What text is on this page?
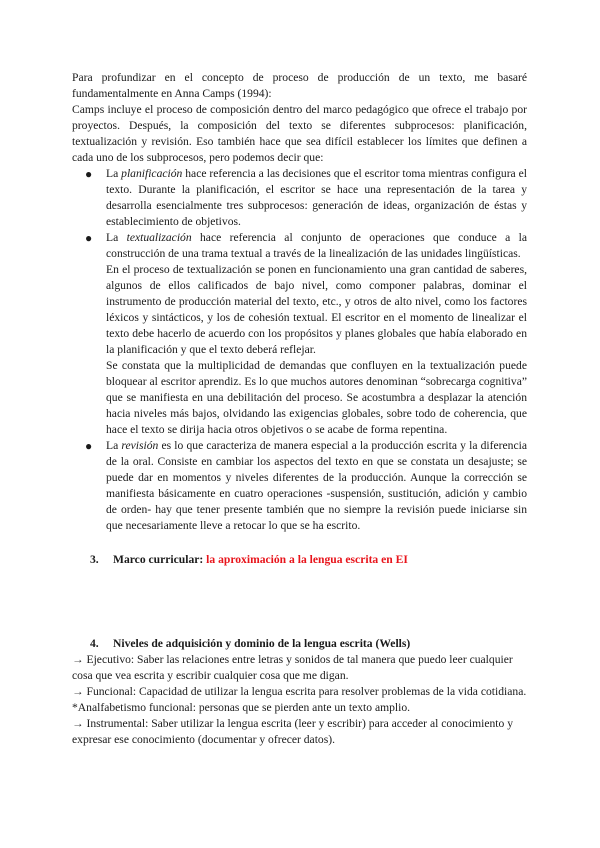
Para profundizar en el concepto de proceso de producción de un texto, me basaré fundamentalmente en Anna Camps (1994):

Camps incluye el proceso de composición dentro del marco pedagógico que ofrece el trabajo por proyectos. Después, la composición del texto se diferentes subprocesos: planificación, textualización y revisión. Eso también hace que sea difícil establecer los límites que definen a cada uno de los subprocesos, pero podemos decir que:

● La planificación hace referencia a las decisiones que el escritor toma mientras configura el texto. Durante la planificación, el escritor se hace una representación de la tarea y desarrolla esencialmente tres subprocesos: generación de ideas, organización de éstas y establecimiento de objetivos.

● La textualización hace referencia al conjunto de operaciones que conduce a la construcción de una trama textual a través de la linealización de las unidades lingüísticas.

En el proceso de textualización se ponen en funcionamiento una gran cantidad de saberes, algunos de ellos calificados de bajo nivel, como componer palabras, dominar el instrumento de producción material del texto, etc., y otros de alto nivel, como los factores léxicos y sintácticos, y los de cohesión textual. El escritor en el momento de linealizar el texto debe hacerlo de acuerdo con los propósitos y planes globales que había elaborado en la planificación y que el texto deberá reflejar.

Se constata que la multiplicidad de demandas que confluyen en la textualización puede bloquear al escritor aprendiz. Es lo que muchos autores denominan “sobrecarga cognitiva” que se manifiesta en una debilitación del proceso. Se acostumbra a desplazar la atención hacia niveles más bajos, olvidando las exigencias globales, sobre todo de coherencia, que hace el texto se dirija hacia otros objetivos o se acabe de forma repentina.

● La revisión es lo que caracteriza de manera especial a la producción escrita y la diferencia de la oral. Consiste en cambiar los aspectos del texto en que se constata un desajuste; se puede dar en momentos y niveles diferentes de la producción. Aunque la corrección se manifiesta básicamente en cuatro operaciones -suspensión, sustitución, adición y cambio de orden- hay que tener presente también que no siempre la revisión puede iniciarse sin que necesariamente lleve a retocar lo que se ha escrito.

3. Marco curricular: la aproximación a la lengua escrita en EI
4. Niveles de adquisición y dominio de la lengua escrita (Wells)

→ Ejecutivo: Saber las relaciones entre letras y sonidos de tal manera que puedo leer cualquier cosa que vea escrita y escribir cualquier cosa que me digan.

→ Funcional: Capacidad de utilizar la lengua escrita para resolver problemas de la vida cotidiana. *Analfabetismo funcional: personas que se pierden ante un texto amplio.

→ Instrumental: Saber utilizar la lengua escrita (leer y escribir) para acceder al conocimiento y expresar ese conocimiento (documentar y ofrecer datos).
